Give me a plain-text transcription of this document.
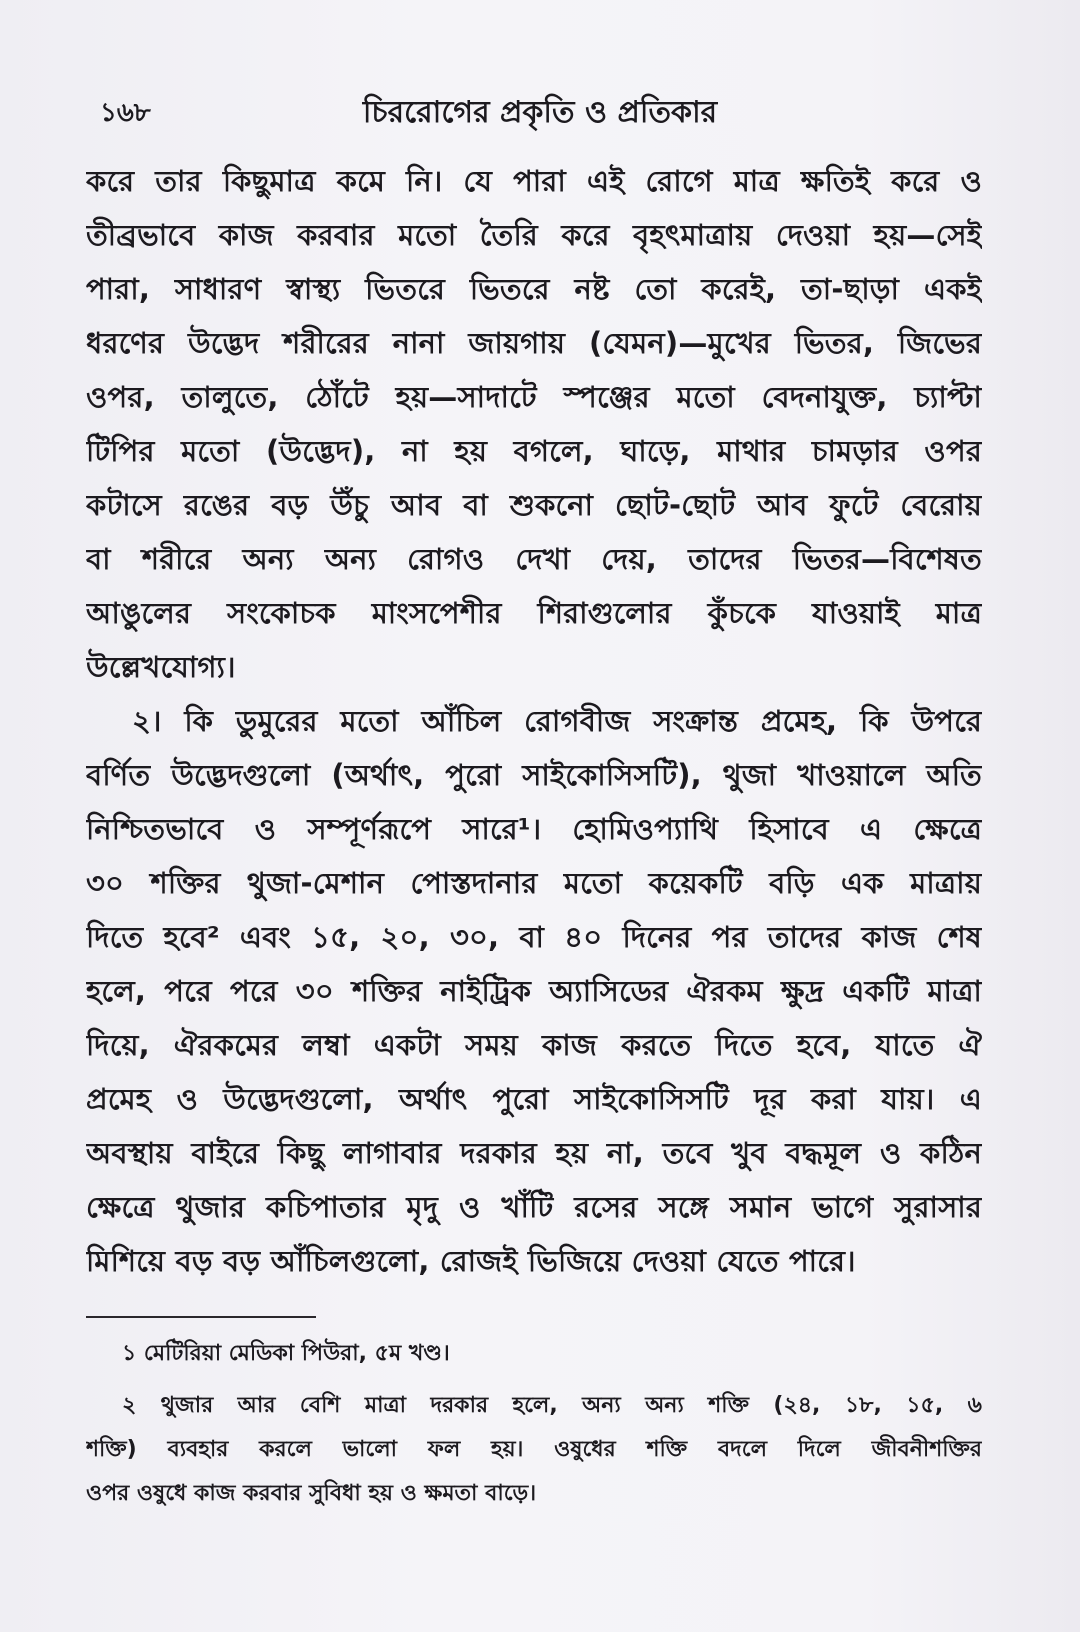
১৬৮	চিররোগের প্রকৃতি ও প্রতিকার
করে তার কিছুমাত্র কমে নি। যে পারা এই রোগে মাত্র ক্ষতিই করে ও
তীব্রভাবে কাজ করবার মতো তৈরি করে বৃহৎমাত্রায় দেওয়া হয়—সেই
পারা, সাধারণ স্বাস্থ্য ভিতরে ভিতরে নষ্ট তো করেই, তা-ছাড়া একই
ধরণের উদ্ভেদ শরীরের নানা জায়গায় (যেমন)—মুখের ভিতর, জিভের
ওপর, তালুতে, ঠোঁটে হয়—সাদাটে স্পঞ্জের মতো বেদনাযুক্ত, চ্যাপ্টা
টিপির মতো (উদ্ভেদ), না হয় বগলে, ঘাড়ে, মাথার চামড়ার ওপর
কটাসে রঙের বড় উঁচু আব বা শুকনো ছোট-ছোট আব ফুটে বেরোয়
বা শরীরে অন্য অন্য রোগও দেখা দেয়, তাদের ভিতর—বিশেষত
আঙুলের সংকোচক মাংসপেশীর শিরাগুলোর কুঁচকে যাওয়াই মাত্র
উল্লেখযোগ্য।
২। কি ডুমুরের মতো আঁচিল রোগবীজ সংক্রান্ত প্রমেহ, কি উপরে
বর্ণিত উদ্ভেদগুলো (অর্থাৎ, পুরো সাইকোসিসটি), থুজা খাওয়ালে অতি
নিশ্চিতভাবে ও সম্পূর্ণরূপে সারে¹। হোমিওপ্যাথি হিসাবে এ ক্ষেত্রে
৩০ শক্তির থুজা-মেশান পোস্তদানার মতো কয়েকটি বড়ি এক মাত্রায়
দিতে হবে² এবং ১৫, ২০, ৩০, বা ৪০ দিনের পর তাদের কাজ শেষ
হলে, পরে পরে ৩০ শক্তির নাইট্রিক অ্যাসিডের ঐরকম ক্ষুদ্র একটি মাত্রা
দিয়ে, ঐরকমের লম্বা একটা সময় কাজ করতে দিতে হবে, যাতে ঐ
প্রমেহ ও উদ্ভেদগুলো, অর্থাৎ পুরো সাইকোসিসটি দূর করা যায়। এ
অবস্থায় বাইরে কিছু লাগাবার দরকার হয় না, তবে খুব বদ্ধমূল ও কঠিন
ক্ষেত্রে থুজার কচিপাতার মৃদু ও খাঁটি রসের সঙ্গে সমান ভাগে সুরাসার
মিশিয়ে বড় বড় আঁচিলগুলো, রোজই ভিজিয়ে দেওয়া যেতে পারে।
১ মেটিরিয়া মেডিকা পিউরা, ৫ম খণ্ড।
২ থুজার আর বেশি মাত্রা দরকার হলে, অন্য অন্য শক্তি (২৪, ১৮, ১৫, ৬
শক্তি) ব্যবহার করলে ভালো ফল হয়। ওষুধের শক্তি বদলে দিলে জীবনীশক্তির
ওপর ওষুধে কাজ করবার সুবিধা হয় ও ক্ষমতা বাড়ে।
